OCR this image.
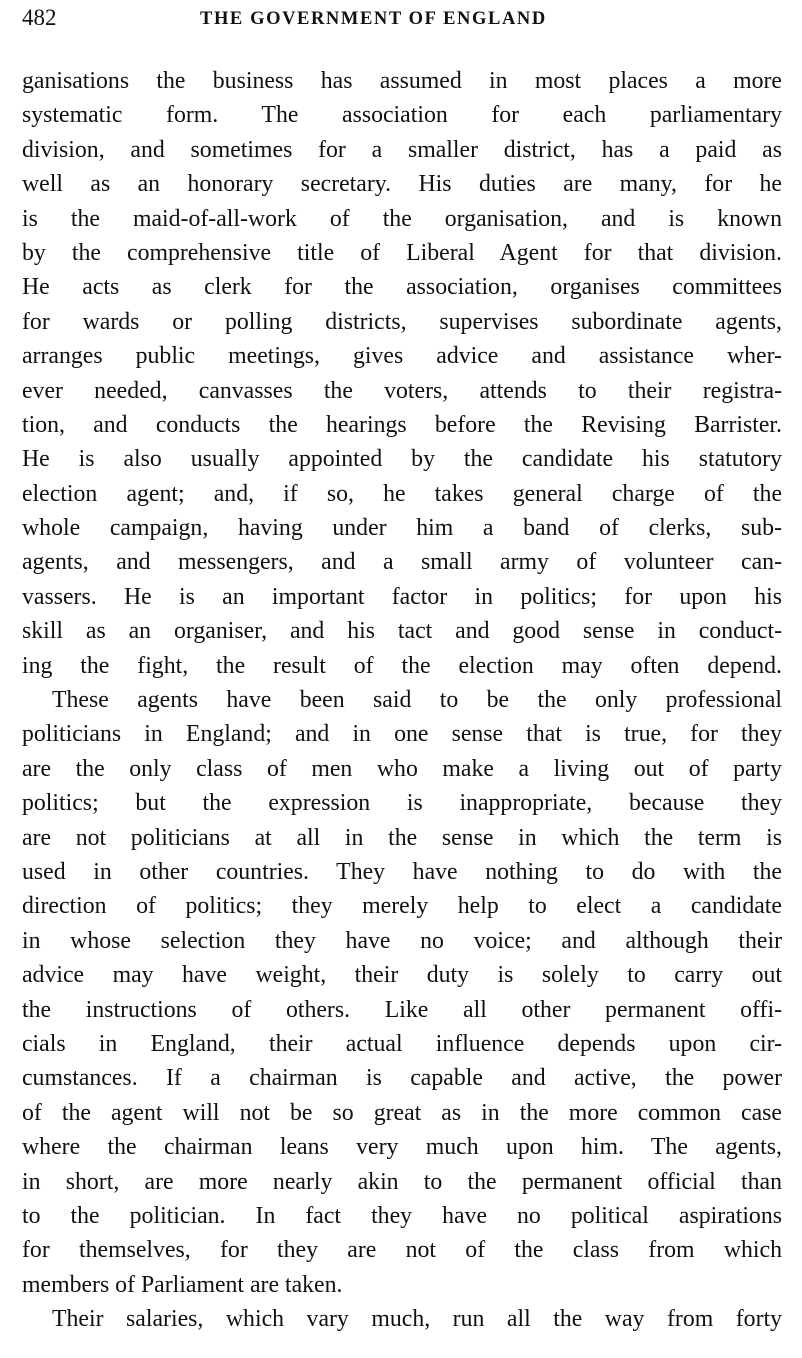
482	THE GOVERNMENT OF ENGLAND
ganisations the business has assumed in most places a more
systematic form. The association for each parliamentary
division, and sometimes for a smaller district, has a paid as
well as an honorary secretary. His duties are many, for he
is the maid-of-all-work of the organisation, and is known
by the comprehensive title of Liberal Agent for that division.
He acts as clerk for the association, organises committees
for wards or polling districts, supervises subordinate agents,
arranges public meetings, gives advice and assistance wher-
ever needed, canvasses the voters, attends to their registra-
tion, and conducts the hearings before the Revising Barrister.
He is also usually appointed by the candidate his statutory
election agent; and, if so, he takes general charge of the
whole campaign, having under him a band of clerks, sub-
agents, and messengers, and a small army of volunteer can-
vassers. He is an important factor in politics; for upon his
skill as an organiser, and his tact and good sense in conduct-
ing the fight, the result of the election may often depend.
These agents have been said to be the only professional
politicians in England; and in one sense that is true, for they
are the only class of men who make a living out of party
politics; but the expression is inappropriate, because they
are not politicians at all in the sense in which the term is
used in other countries. They have nothing to do with the
direction of politics; they merely help to elect a candidate
in whose selection they have no voice; and although their
advice may have weight, their duty is solely to carry out
the instructions of others. Like all other permanent offi-
cials in England, their actual influence depends upon cir-
cumstances. If a chairman is capable and active, the power
of the agent will not be so great as in the more common case
where the chairman leans very much upon him. The agents,
in short, are more nearly akin to the permanent official than
to the politician. In fact they have no political aspirations
for themselves, for they are not of the class from which
members of Parliament are taken.
Their salaries, which vary much, run all the way from forty
